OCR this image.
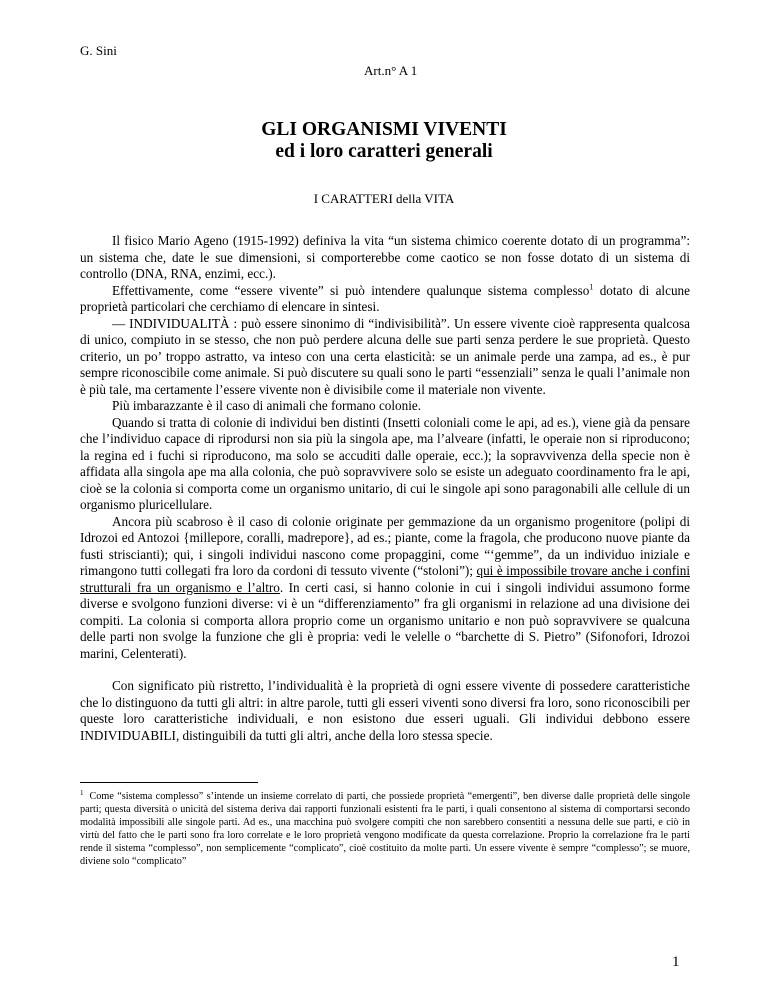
G. Sini
Art.n° A 1
GLI ORGANISMI VIVENTI
ed i loro caratteri generali
I CARATTERI della VITA

Il fisico Mario Ageno (1915-1992) definiva la vita “un sistema chimico coerente dotato di un programma”: un sistema che, date le sue dimensioni, si comporterebbe come caotico se non fosse dotato di un sistema di controllo (DNA, RNA, enzimi, ecc.).

Effettivamente, come “essere vivente” si può intendere qualunque sistema complesso$^1$ dotato di alcune proprietà particolari che cerchiamo di elencare in sintesi.

— INDIVIDUALITÀ : può essere sinonimo di “indivisibilità”. Un essere vivente cioè rappresenta qualcosa di unico, compiuto in se stesso, che non può perdere alcuna delle sue parti senza perdere le sue proprietà. Questo criterio, un po’ troppo astratto, va inteso con una certa elasticità: se un animale perde una zampa, ad es., è pur sempre riconoscibile come animale. Si può discutere su quali sono le parti “essenziali” senza le quali l’animale non è più tale, ma certamente l’essere vivente non è divisibile come il materiale non vivente.

Più imbarazzante è il caso di animali che formano colonie.

Quando si tratta di colonie di individui ben distinti (Insetti coloniali come le api, ad es.), viene già da pensare che l’individuo capace di riprodursi non sia più la singola ape, ma l’alveare (infatti, le operaie non si riproducono; la regina ed i fuchi si riproducono, ma solo se accuditi dalle operaie, ecc.); la sopravvivenza della specie non è affidata alla singola ape ma alla colonia, che può sopravvivere solo se esiste un adeguato coordinamento fra le api, cioè se la colonia si comporta come un organismo unitario, di cui le singole api sono paragonabili alle cellule di un organismo pluricellulare.

Ancora più scabroso è il caso di colonie originate per gemmazione da un organismo progenitore (polipi di Idrozoi ed Antozoi {millepore, coralli, madrepore}, ad es.; piante, come la fragola, che producono nuove piante da fusti striscianti); qui, i singoli individui nascono come propaggini, come “‘gemme”, da un individuo iniziale e rimangono tutti collegati fra loro da cordoni di tessuto vivente (“stoloni”); qui è impossibile trovare anche i confini strutturali fra un organismo e l’altro. In certi casi, si hanno colonie in cui i singoli individui assumono forme diverse e svolgono funzioni diverse: vi è un “differenziamento” fra gli organismi in relazione ad una divisione dei compiti. La colonia si comporta allora proprio come un organismo unitario e non può sopravvivere se qualcuna delle parti non svolge la funzione che gli è propria: vedi le velelle o “barchette di S. Pietro” (Sifonofori, Idrozoi marini, Celenterati).

Con significato più ristretto, l’individualità è la proprietà di ogni essere vivente di possedere caratteristiche che lo distinguono da tutti gli altri: in altre parole, tutti gli esseri viventi sono diversi fra loro, sono riconoscibili per queste loro caratteristiche individuali, e non esistono due esseri uguali. Gli individui debbono essere INDIVIDUABILI, distinguibili da tutti gli altri, anche della loro stessa specie.

$^1$ Come “sistema complesso” s’intende un insieme correlato di parti, che possiede proprietà “emergenti”, ben diverse dalle proprietà delle singole parti; questa diversità o unicità del sistema deriva dai rapporti funzionali esistenti fra le parti, i quali consentono al sistema di comportarsi secondo modalità impossibili alle singole parti. Ad es., una macchina può svolgere compiti che non sarebbero consentiti a nessuna delle sue parti, e ciò in virtù del fatto che le parti sono fra loro correlate e le loro proprietà vengono modificate da questa correlazione. Proprio la correlazione fra le parti rende il sistema “complesso”, non semplicemente “complicato”, cioè costituito da molte parti. Un essere vivente è sempre “complesso”; se muore, diviene solo “complicato”
1
